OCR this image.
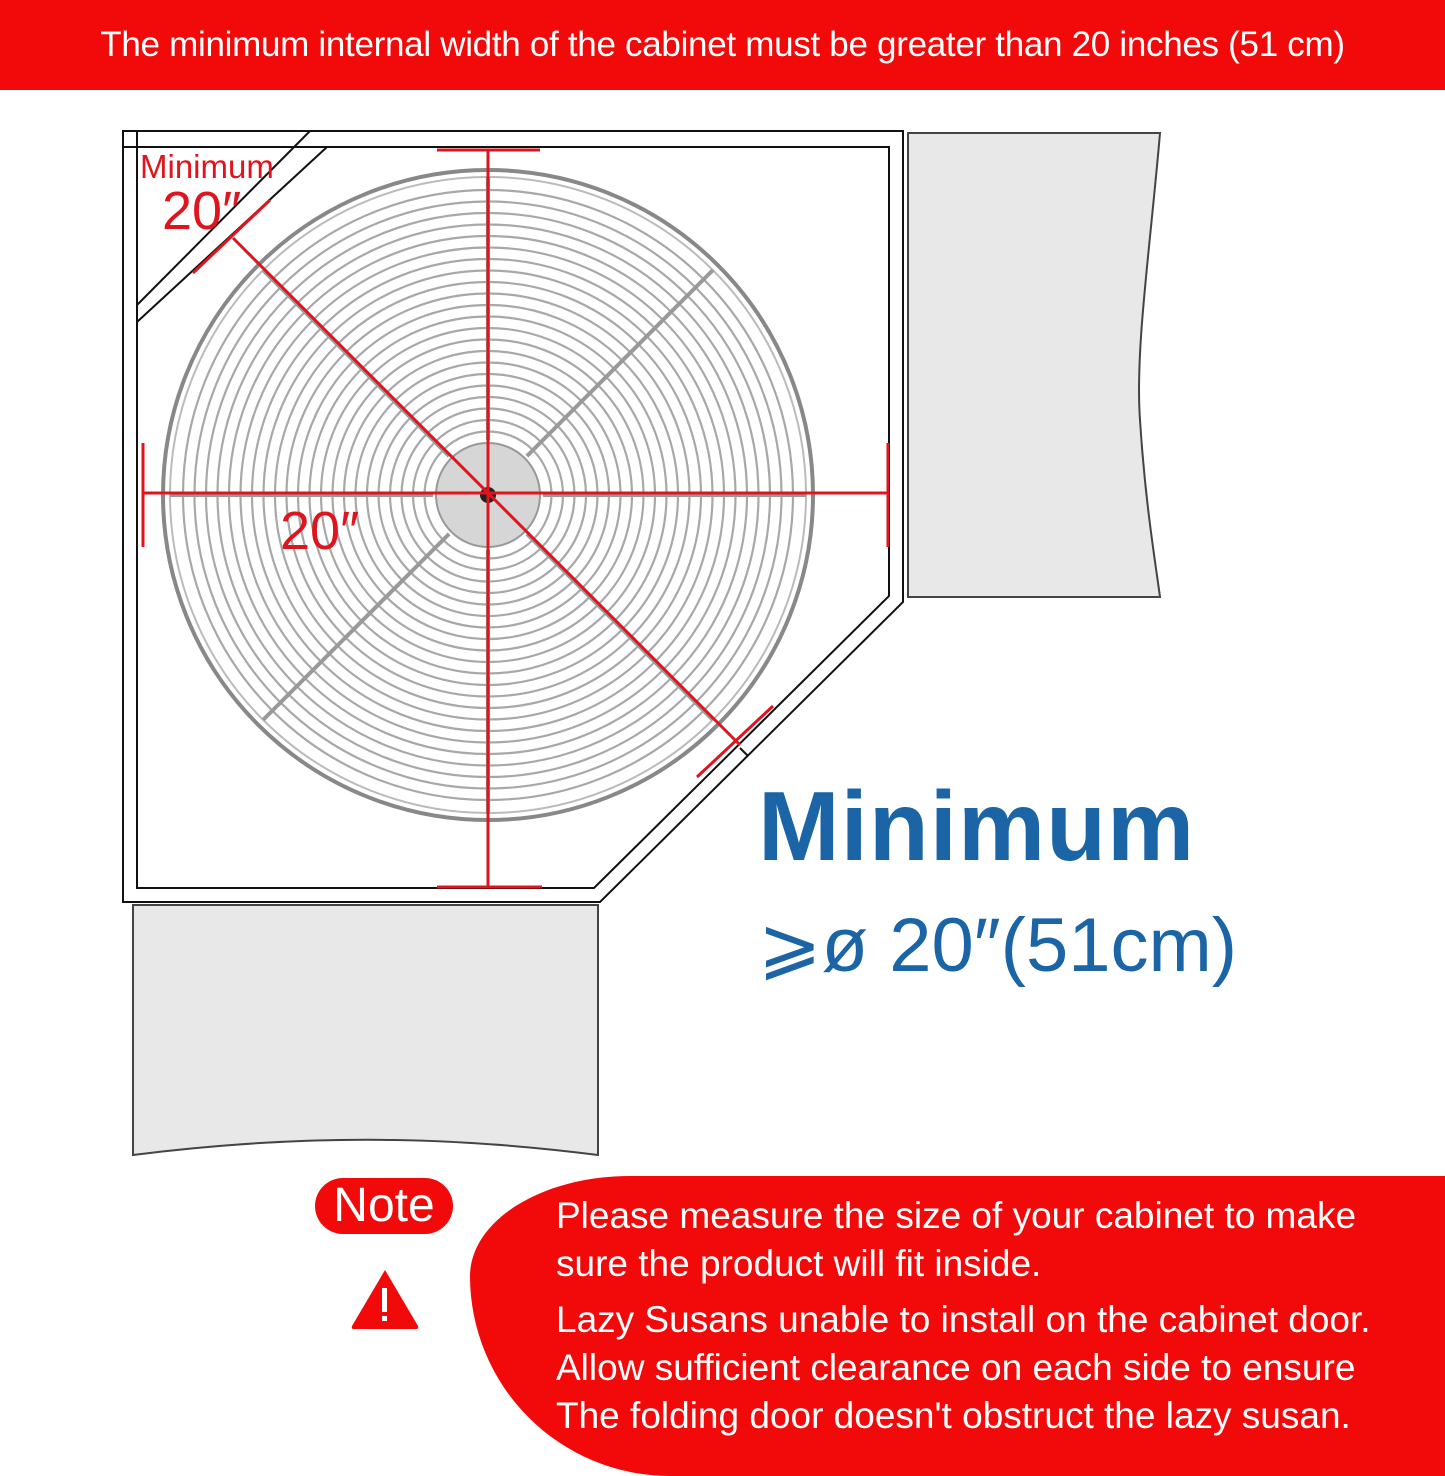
The minimum internal width of the cabinet must be greater than 20 inches (51 cm)
Minimum
20″
20″
Minimum
⩾ø 20″(51cm)
Note	Please measure the size of your cabinet to make

sure the product will fit inside.

Lazy Susans unable to install on the cabinet door.

Allow sufficient clearance on each side to ensure

The folding door doesn't obstruct the lazy susan.
